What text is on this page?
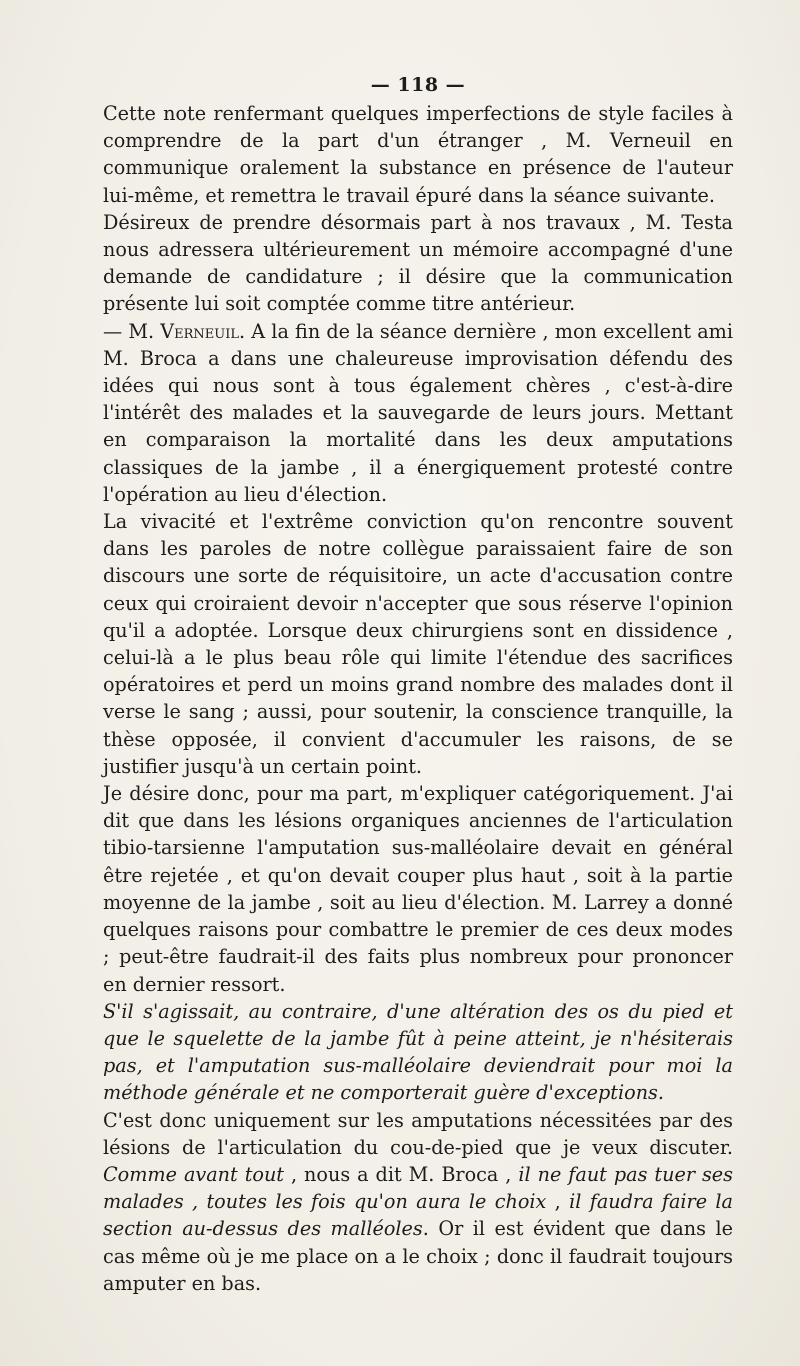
— 118 —

Cette note renfermant quelques imperfections de style faciles à comprendre de la part d'un étranger , M. Verneuil en communique oralement la substance en présence de l'auteur lui-même, et remettra le travail épuré dans la séance suivante.

Désireux de prendre désormais part à nos travaux , M. Testa nous adressera ultérieurement un mémoire accompagné d'une demande de candidature ; il désire que la communication présente lui soit comptée comme titre antérieur.

— M. Verneuil. A la fin de la séance dernière , mon excellent ami M. Broca a dans une chaleureuse improvisation défendu des idées qui nous sont à tous également chères , c'est-à-dire l'intérêt des malades et la sauvegarde de leurs jours. Mettant en comparaison la mortalité dans les deux amputations classiques de la jambe , il a énergiquement protesté contre l'opération au lieu d'élection.

La vivacité et l'extrême conviction qu'on rencontre souvent dans les paroles de notre collègue paraissaient faire de son discours une sorte de réquisitoire, un acte d'accusation contre ceux qui croiraient devoir n'accepter que sous réserve l'opinion qu'il a adoptée. Lorsque deux chirurgiens sont en dissidence , celui-là a le plus beau rôle qui limite l'étendue des sacrifices opératoires et perd un moins grand nombre des malades dont il verse le sang ; aussi, pour soutenir, la conscience tranquille, la thèse opposée, il convient d'accumuler les raisons, de se justifier jusqu'à un certain point.

Je désire donc, pour ma part, m'expliquer catégoriquement. J'ai dit que dans les lésions organiques anciennes de l'articulation tibio-tarsienne l'amputation sus-malléolaire devait en général être rejetée , et qu'on devait couper plus haut , soit à la partie moyenne de la jambe , soit au lieu d'élection. M. Larrey a donné quelques raisons pour combattre le premier de ces deux modes ; peut-être faudrait-il des faits plus nombreux pour prononcer en dernier ressort.

S'il s'agissait, au contraire, d'une altération des os du pied et que le squelette de la jambe fût à peine atteint, je n'hésiterais pas, et l'amputation sus-malléolaire deviendrait pour moi la méthode générale et ne comporterait guère d'exceptions.

C'est donc uniquement sur les amputations nécessitées par des lésions de l'articulation du cou-de-pied que je veux discuter. Comme avant tout , nous a dit M. Broca , il ne faut pas tuer ses malades , toutes les fois qu'on aura le choix , il faudra faire la section au-dessus des malléoles. Or il est évident que dans le cas même où je me place on a le choix ; donc il faudrait toujours amputer en bas.
